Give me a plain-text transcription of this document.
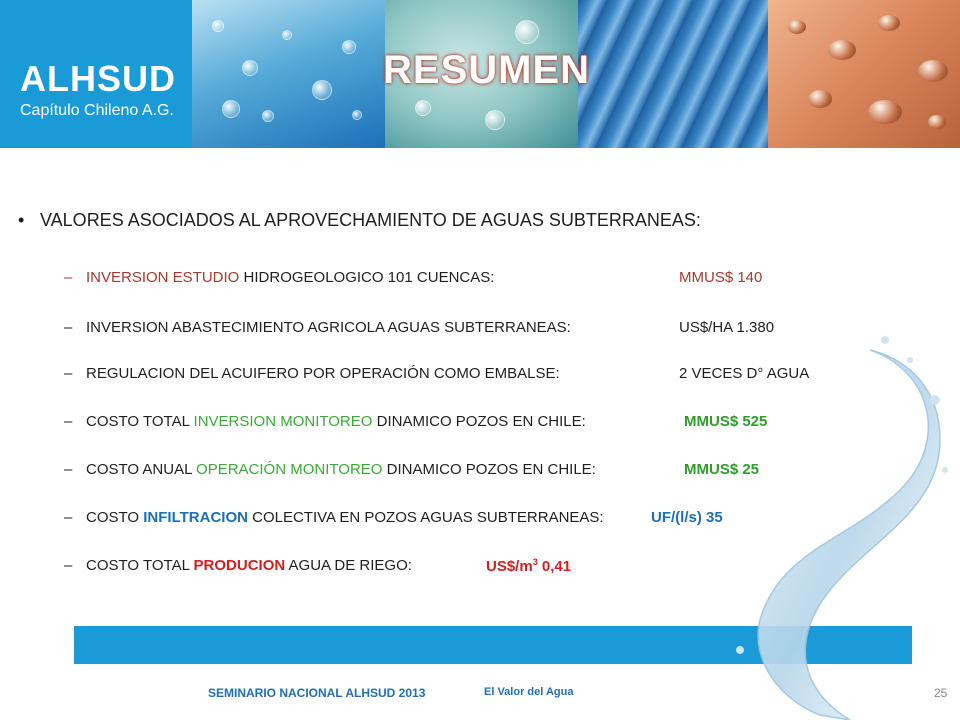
ALHSUD
Capítulo Chileno A.G.
RESUMEN
• VALORES ASOCIADOS AL APROVECHAMIENTO DE AGUAS SUBTERRANEAS:
– INVERSION ESTUDIO HIDROGEOLOGICO 101 CUENCAS:	MMUS$ 140
– INVERSION ABASTECIMIENTO AGRICOLA AGUAS SUBTERRANEAS:	US$/HA 1.380
– REGULACION DEL ACUIFERO POR OPERACIÓN COMO EMBALSE:	2 VECES D° AGUA
– COSTO TOTAL INVERSION MONITOREO DINAMICO POZOS EN CHILE:	MMUS$ 525
– COSTO ANUAL OPERACIÓN MONITOREO DINAMICO POZOS EN CHILE:	MMUS$ 25
– COSTO INFILTRACION COLECTIVA EN POZOS AGUAS SUBTERRANEAS:	UF/(l/s) 35
– COSTO TOTAL PRODUCION AGUA DE RIEGO:	$US\$/m^3$ 0,41
SEMINARIO NACIONAL ALHSUD 2013	El Valor del Agua	25
